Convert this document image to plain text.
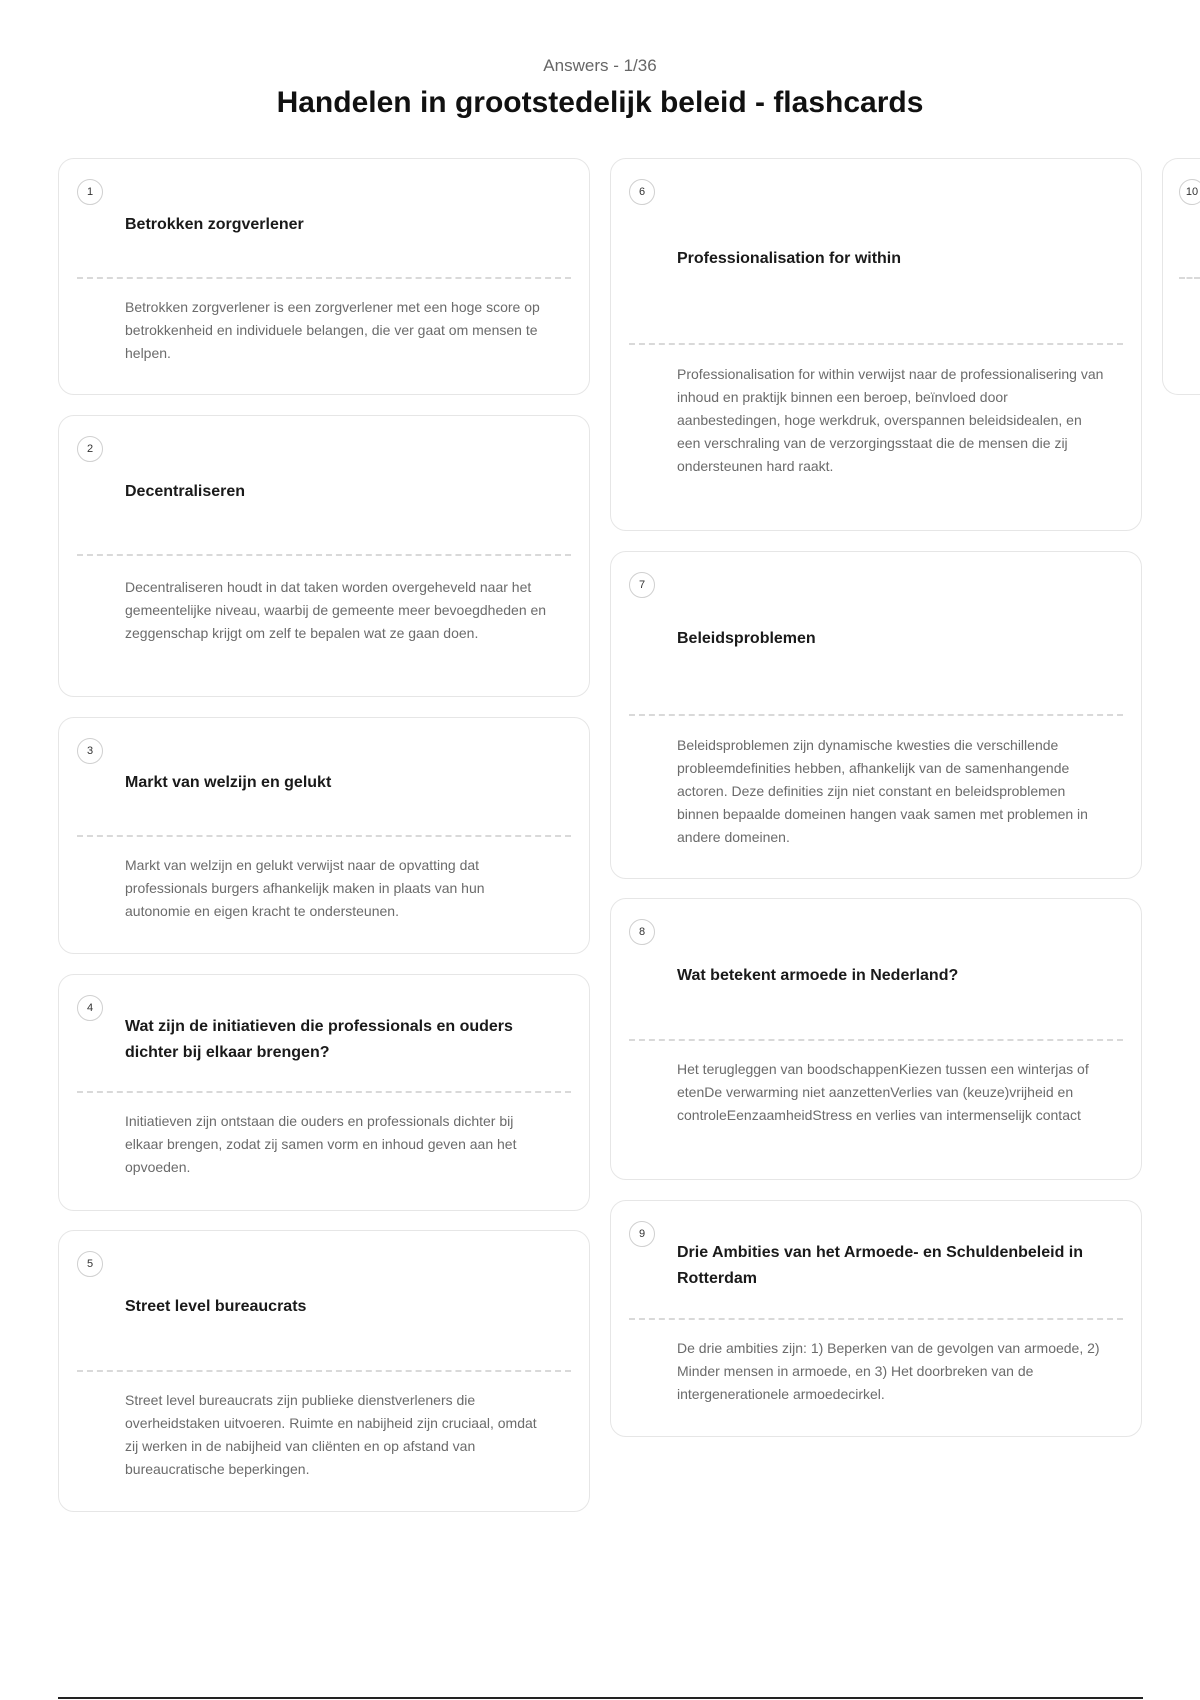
Answers - 1/36
Handelen in grootstedelijk beleid - flashcards
1
Betrokken zorgverlener
Betrokken zorgverlener is een zorgverlener met een hoge score op betrokkenheid en individuele belangen, die ver gaat om mensen te helpen.
2
Decentraliseren
Decentraliseren houdt in dat taken worden overgeheveld naar het gemeentelijke niveau, waarbij de gemeente meer bevoegdheden en zeggenschap krijgt om zelf te bepalen wat ze gaan doen.
3
Markt van welzijn en gelukt
Markt van welzijn en gelukt verwijst naar de opvatting dat professionals burgers afhankelijk maken in plaats van hun autonomie en eigen kracht te ondersteunen.
4
Wat zijn de initiatieven die professionals en ouders dichter bij elkaar brengen?
Initiatieven zijn ontstaan die ouders en professionals dichter bij elkaar brengen, zodat zij samen vorm en inhoud geven aan het opvoeden.
5
Street level bureaucrats
Street level bureaucrats zijn publieke dienstverleners die overheidstaken uitvoeren. Ruimte en nabijheid zijn cruciaal, omdat zij werken in de nabijheid van cliënten en op afstand van bureaucratische beperkingen.
6
Professionalisation for within
Professionalisation for within verwijst naar de professionalisering van inhoud en praktijk binnen een beroep, beïnvloed door aanbestedingen, hoge werkdruk, overspannen beleidsidealen, en een verschraling van de verzorgingsstaat die de mensen die zij ondersteunen hard raakt.
7
Beleidsproblemen
Beleidsproblemen zijn dynamische kwesties die verschillende probleemdefinities hebben, afhankelijk van de samenhangende actoren. Deze definities zijn niet constant en beleidsproblemen binnen bepaalde domeinen hangen vaak samen met problemen in andere domeinen.
8
Wat betekent armoede in Nederland?
Het terugleggen van boodschappenKiezen tussen een winterjas of etenDe verwarming niet aanzettenVerlies van (keuze)vrijheid en controleEenzaamheidStress en verlies van intermenselijk contact
9
Drie Ambities van het Armoede- en Schuldenbeleid in Rotterdam
De drie ambities zijn: 1) Beperken van de gevolgen van armoede, 2) Minder mensen in armoede, en 3) Het doorbreken van de intergenerationele armoedecirkel.
10
